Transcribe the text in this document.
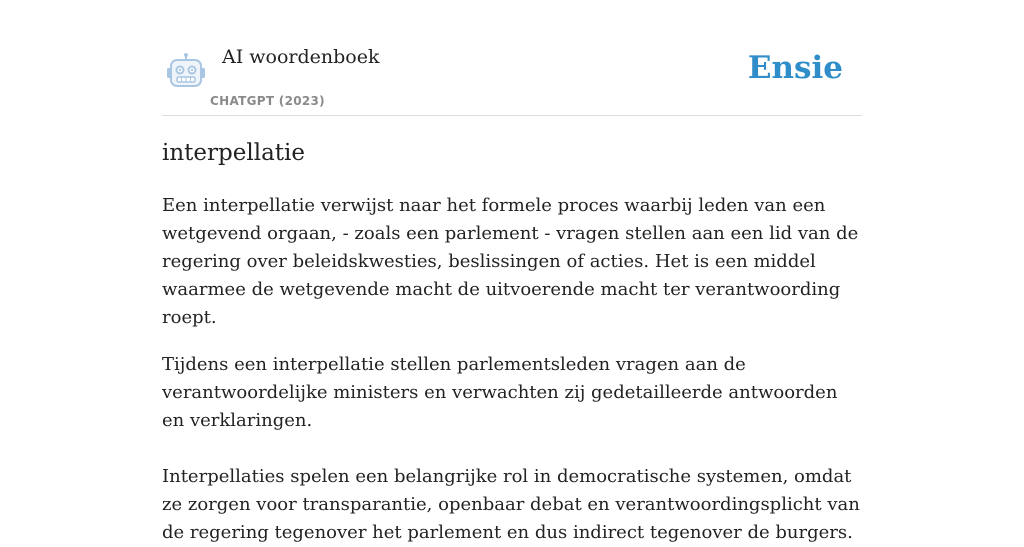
AI woordenboek
CHATGPT (2023)
Ensie
interpellatie

Een interpellatie verwijst naar het formele proces waarbij leden van een wetgevend orgaan, - zoals een parlement - vragen stellen aan een lid van de regering over beleidskwesties, beslissingen of acties. Het is een middel waarmee de wetgevende macht de uitvoerende macht ter verantwoording roept.

Tijdens een interpellatie stellen parlementsleden vragen aan de verantwoordelijke ministers en verwachten zij gedetailleerde antwoorden en verklaringen.

Interpellaties spelen een belangrijke rol in democratische systemen, omdat ze zorgen voor transparantie, openbaar debat en verantwoordingsplicht van de regering tegenover het parlement en dus indirect tegenover de burgers.
